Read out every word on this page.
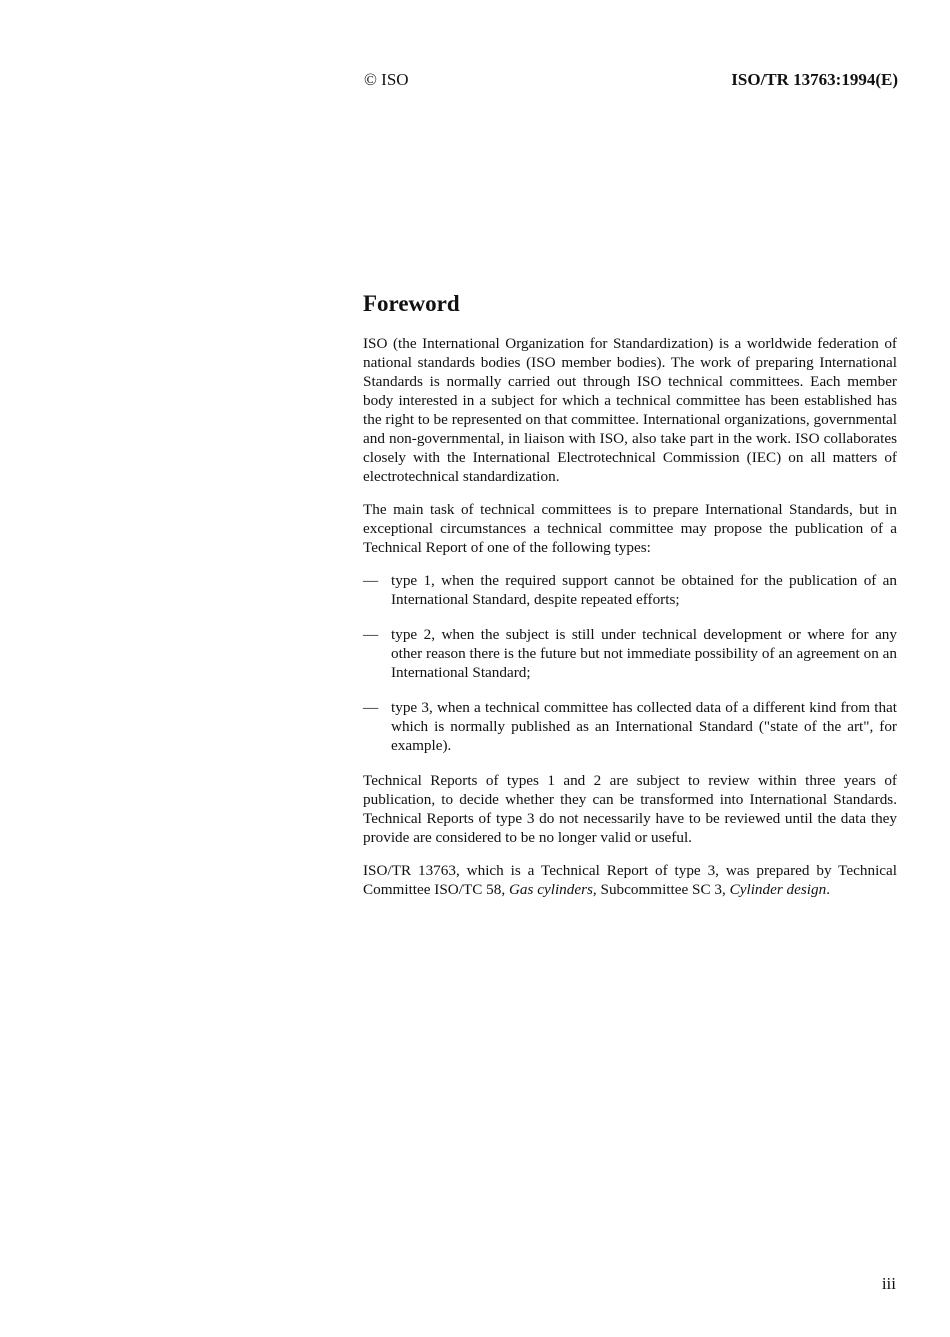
© ISO	ISO/TR 13763:1994(E)
Foreword

ISO (the International Organization for Standardization) is a worldwide federation of national standards bodies (ISO member bodies). The work of preparing International Standards is normally carried out through ISO technical committees. Each member body interested in a subject for which a technical committee has been established has the right to be represented on that committee. International organizations, governmental and non-governmental, in liaison with ISO, also take part in the work. ISO collaborates closely with the International Electrotechnical Commission (IEC) on all matters of electrotechnical standardization.

The main task of technical committees is to prepare International Standards, but in exceptional circumstances a technical committee may propose the publication of a Technical Report of one of the following types:

— type 1, when the required support cannot be obtained for the publication of an International Standard, despite repeated efforts;
— type 2, when the subject is still under technical development or where for any other reason there is the future but not immediate possibility of an agreement on an International Standard;
— type 3, when a technical committee has collected data of a different kind from that which is normally published as an International Standard ("state of the art", for example).

Technical Reports of types 1 and 2 are subject to review within three years of publication, to decide whether they can be transformed into International Standards. Technical Reports of type 3 do not necessarily have to be reviewed until the data they provide are considered to be no longer valid or useful.

ISO/TR 13763, which is a Technical Report of type 3, was prepared by Technical Committee ISO/TC 58, Gas cylinders, Subcommittee SC 3, Cylinder design.

iii
